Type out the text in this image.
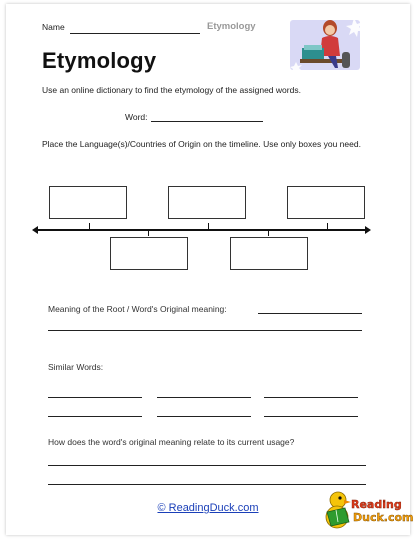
Name	Etymology
Etymology
Use an online dictionary to find the etymology of the assigned words.
Word:
Place the Language(s)/Countries of Origin on the timeline. Use only boxes you need.
Meaning of the Root / Word's Original meaning:
Similar Words:
How does the word's original meaning relate to its current usage?
© ReadingDuck.com	Reading
Duck.com
